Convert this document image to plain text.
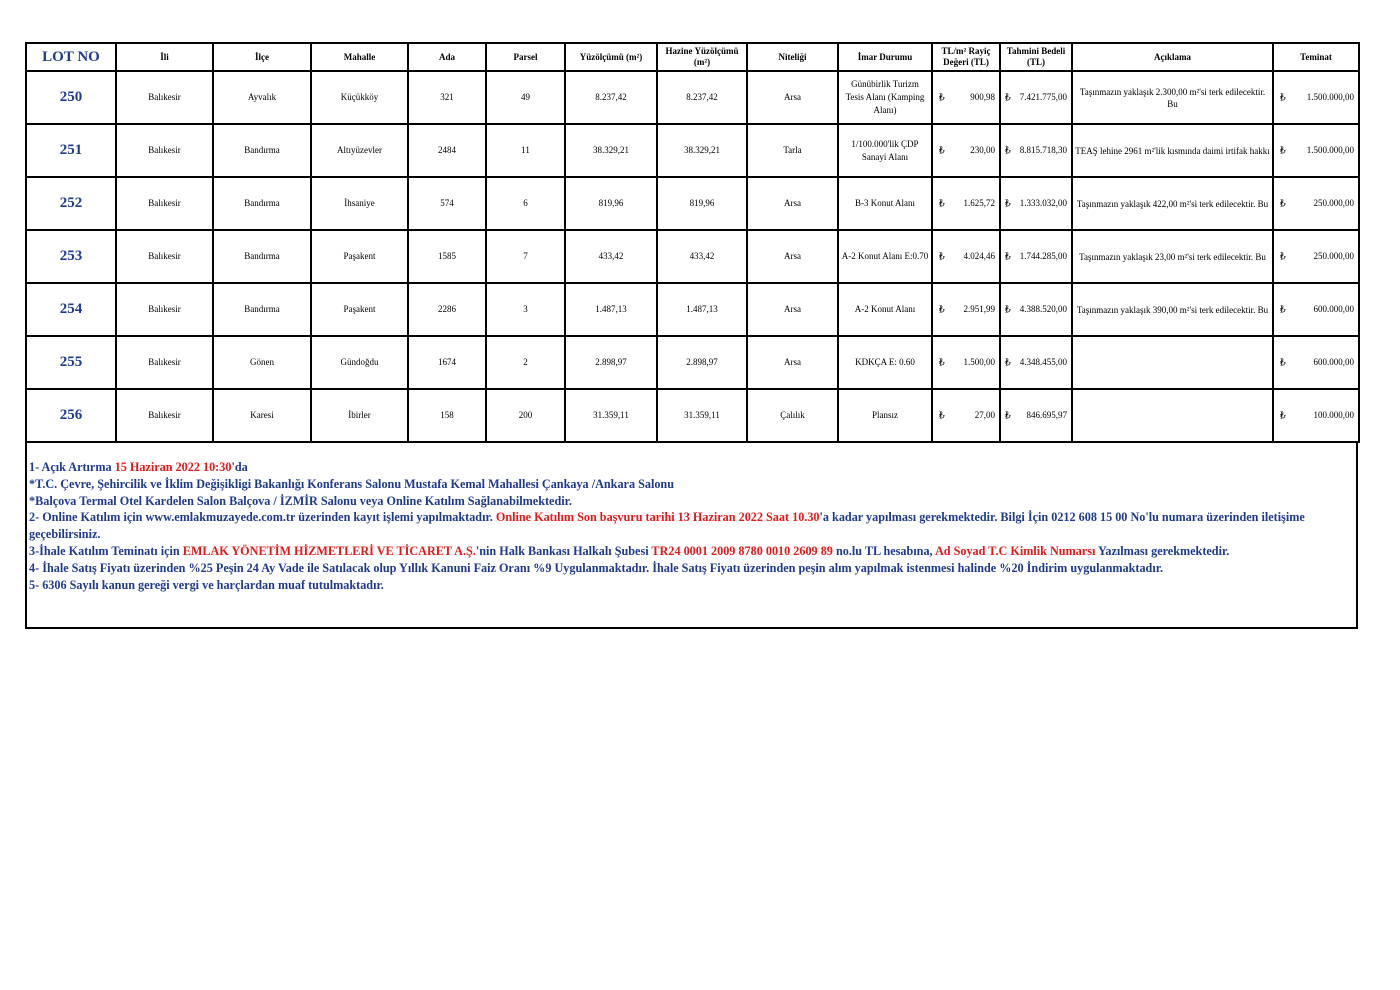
LOT NO	İli	İlçe	Mahalle	Ada	Parsel	Yüzölçümü (m²)	Hazine Yüzölçümü (m²)	Niteliği	İmar Durumu	TL/m² Rayiç Değeri (TL)	Tahmini Bedeli (TL)	Açıklama	Teminat
250	Balıkesir	Ayvalık	Küçükköy	321	49	8.237,42	8.237,42	Arsa	Günübirlik Turizm Tesis Alanı (Kamping Alanı)	₺ 900,98	₺ 7.421.775,00	Taşınmazın yaklaşık 2.300,00 m²'si terk edilecektir. Bu	₺ 1.500.000,00
251	Balıkesir	Bandırma	Altıyüzevler	2484	11	38.329,21	38.329,21	Tarla	1/100.000'lik ÇDP Sanayi Alanı	₺ 230,00	₺ 8.815.718,30	TEAŞ lehine 2961 m²'lik kısmında daimi irtifak hakkı	₺ 1.500.000,00
252	Balıkesir	Bandırma	İhsaniye	574	6	819,96	819,96	Arsa	B-3 Konut Alanı	₺ 1.625,72	₺ 1.333.032,00	Taşınmazın yaklaşık 422,00 m²'si terk edilecektir. Bu	₺ 250.000,00
253	Balıkesir	Bandırma	Paşakent	1585	7	433,42	433,42	Arsa	A-2 Konut Alanı E:0.70	₺ 4.024,46	₺ 1.744.285,00	Taşınmazın yaklaşık 23,00 m²'si terk edilecektir. Bu	₺ 250.000,00
254	Balıkesir	Bandırma	Paşakent	2286	3	1.487,13	1.487,13	Arsa	A-2 Konut Alanı	₺ 2.951,99	₺ 4.388.520,00	Taşınmazın yaklaşık 390,00 m²'si terk edilecektir. Bu	₺ 600.000,00
255	Balıkesir	Gönen	Gündoğdu	1674	2	2.898,97	2.898,97	Arsa	KDKÇA E: 0.60	₺ 1.500,00	₺ 4.348.455,00		₺ 600.000,00
256	Balıkesir	Karesi	İbirler	158	200	31.359,11	31.359,11	Çalılık	Plansız	₺ 27,00	₺ 846.695,97		₺ 100.000,00

1- Açık Artırma 15 Haziran 2022 10:30'da

*T.C. Çevre, Şehircilik ve İklim Değişikligi Bakanlığı Konferans Salonu Mustafa Kemal Mahallesi Çankaya /Ankara Salonu

*Balçova Termal Otel Kardelen Salon Balçova / İZMİR Salonu veya Online Katılım Sağlanabilmektedir.

2- Online Katılım için www.emlakmuzayede.com.tr üzerinden kayıt işlemi yapılmaktadır. Online Katılım Son başvuru tarihi 13 Haziran 2022 Saat 10.30'a kadar yapılması gerekmektedir. Bilgi İçin 0212 608 15 00 No'lu numara üzerinden iletişime geçebilirsiniz.

3-İhale Katılım Teminatı için EMLAK YÖNETİM HİZMETLERİ VE TİCARET A.Ş.'nin Halk Bankası Halkalı Şubesi TR24 0001 2009 8780 0010 2609 89 no.lu TL hesabına, Ad Soyad T.C Kimlik Numarsı Yazılması gerekmektedir.

4- İhale Satış Fiyatı üzerinden %25 Peşin 24 Ay Vade ile Satılacak olup Yıllık Kanuni Faiz Oranı %9 Uygulanmaktadır. İhale Satış Fiyatı üzerinden peşin alım yapılmak istenmesi halinde %20 İndirim uygulanmaktadır.

5- 6306 Sayılı kanun gereği vergi ve harçlardan muaf tutulmaktadır.
